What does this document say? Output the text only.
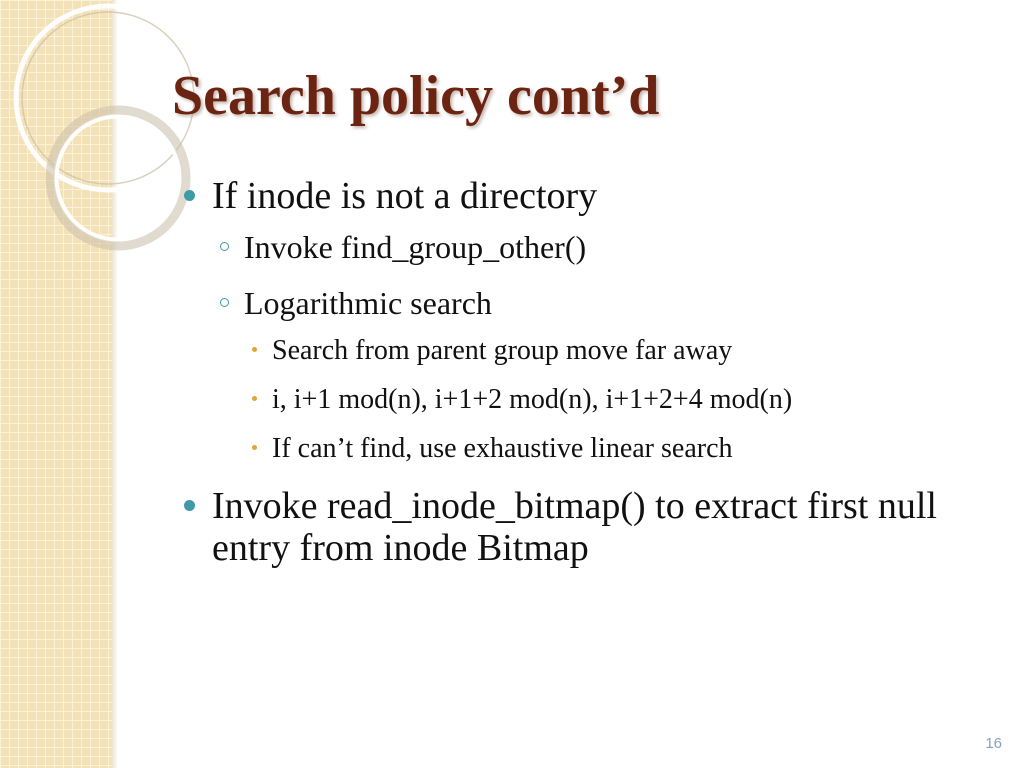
Search policy cont’d
If inode is not a directory
Invoke find_group_other()
Logarithmic search
Search from parent group move far away
i, i+1 mod(n), i+1+2 mod(n), i+1+2+4 mod(n)
If can’t find, use exhaustive linear search
Invoke read_inode_bitmap() to extract first null entry from inode Bitmap
16
